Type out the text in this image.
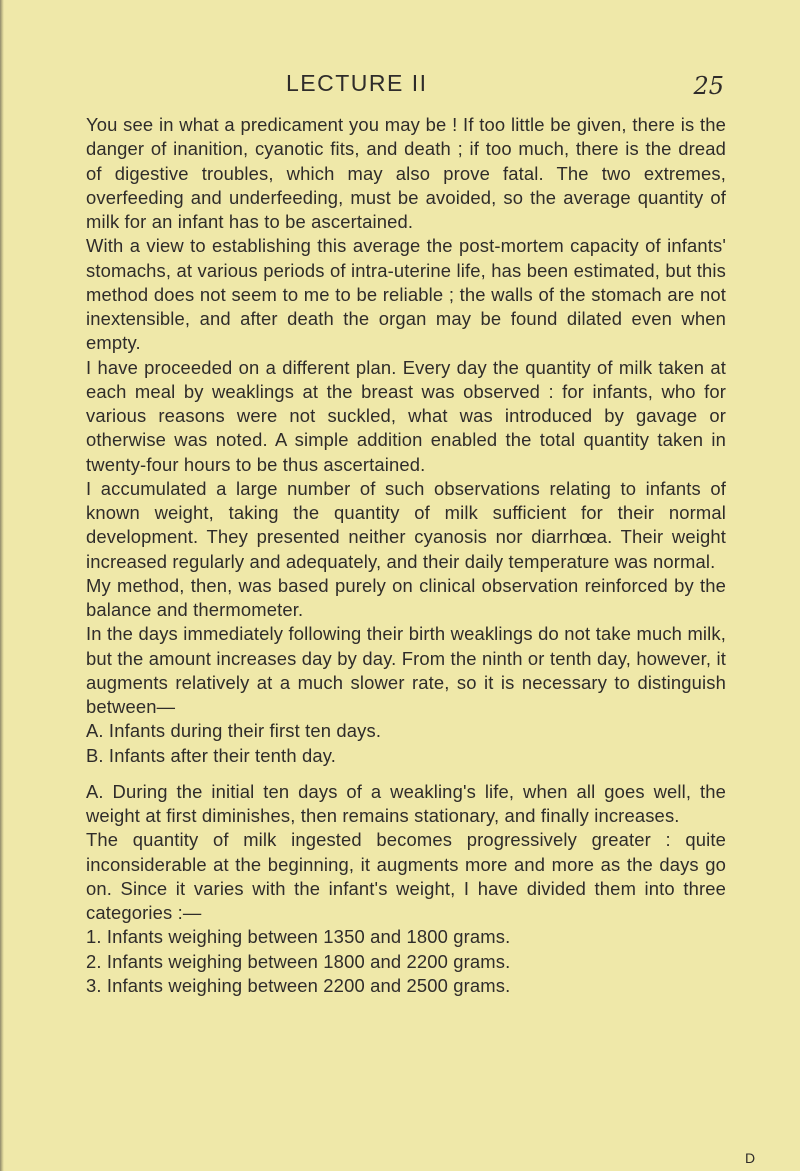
LECTURE II	25

You see in what a predicament you may be ! If too little be given, there is the danger of inanition, cyanotic fits, and death ; if too much, there is the dread of digestive troubles, which may also prove fatal. The two extremes, overfeeding and underfeeding, must be avoided, so the average quantity of milk for an infant has to be ascertained.

With a view to establishing this average the post-mortem capacity of infants' stomachs, at various periods of intra-uterine life, has been estimated, but this method does not seem to me to be reliable ; the walls of the stomach are not inextensible, and after death the organ may be found dilated even when empty.

I have proceeded on a different plan. Every day the quantity of milk taken at each meal by weaklings at the breast was observed : for infants, who for various reasons were not suckled, what was introduced by gavage or otherwise was noted. A simple addition enabled the total quantity taken in twenty-four hours to be thus ascertained.

I accumulated a large number of such observations relating to infants of known weight, taking the quantity of milk sufficient for their normal development. They presented neither cyanosis nor diarrhœa. Their weight increased regularly and adequately, and their daily temperature was normal.

My method, then, was based purely on clinical observation reinforced by the balance and thermometer.

In the days immediately following their birth weaklings do not take much milk, but the amount increases day by day. From the ninth or tenth day, however, it augments relatively at a much slower rate, so it is necessary to distinguish between—

A. Infants during their first ten days.

B. Infants after their tenth day.

A. During the initial ten days of a weakling's life, when all goes well, the weight at first diminishes, then remains stationary, and finally increases.

The quantity of milk ingested becomes progressively greater : quite inconsiderable at the beginning, it augments more and more as the days go on. Since it varies with the infant's weight, I have divided them into three categories :—

1. Infants weighing between 1350 and 1800 grams.

2. Infants weighing between 1800 and 2200 grams.

3. Infants weighing between 2200 and 2500 grams.

D
